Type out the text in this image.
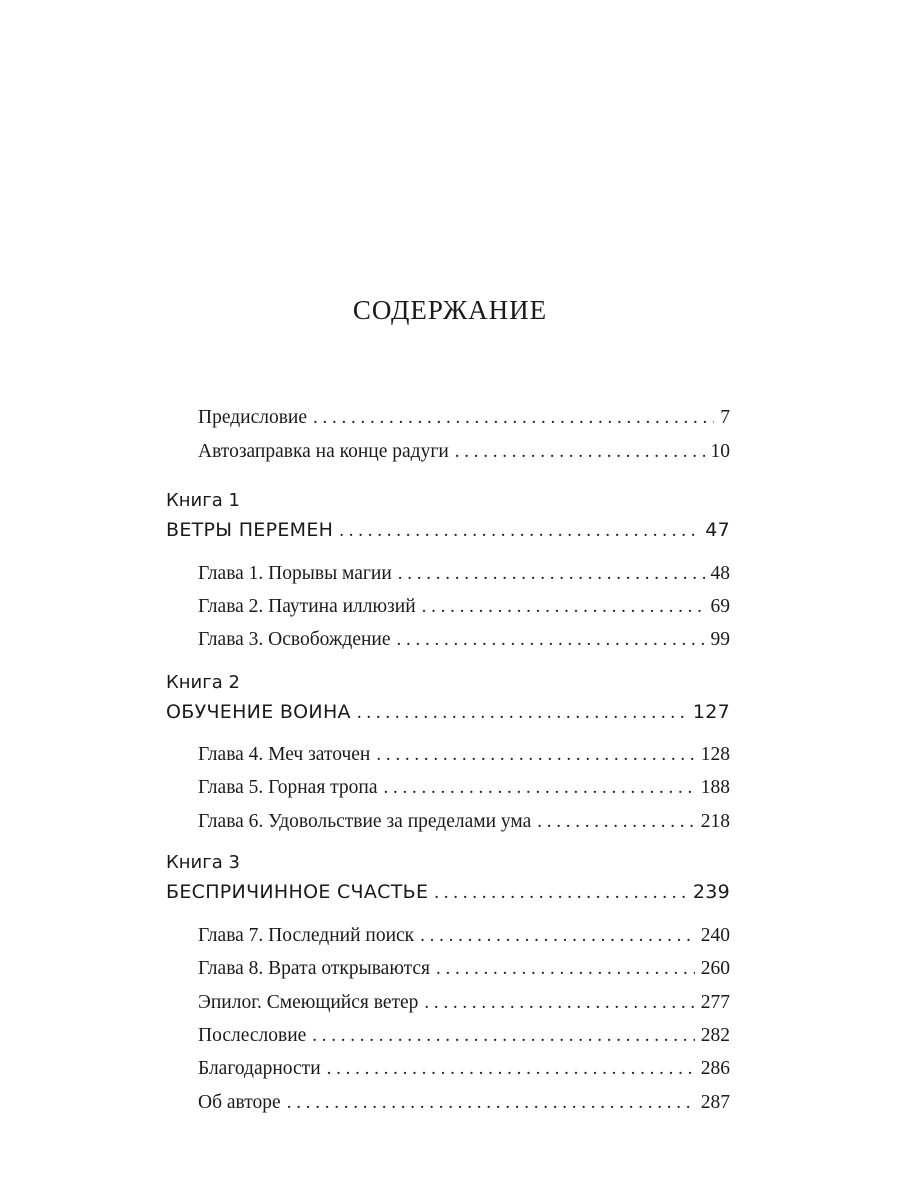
СОДЕРЖАНИЕ
Предисловие . . .	7
Автозаправка на конце радуги . . .	10
Книга 1
ВЕТРЫ ПЕРЕМЕН . . .	47
Глава 1. Порывы магии . . .	48
Глава 2. Паутина иллюзий . . .	69
Глава 3. Освобождение . . .	99
Книга 2
ОБУЧЕНИЕ ВОИНА . . .	127
Глава 4. Меч заточен . . .	128
Глава 5. Горная тропа . . .	188
Глава 6. Удовольствие за пределами ума . . .	218
Книга 3
БЕСПРИЧИННОЕ СЧАСТЬЕ . . .	239
Глава 7. Последний поиск . . .	240
Глава 8. Врата открываются . . .	260
Эпилог. Смеющийся ветер . . .	277
Послесловие . . .	282
Благодарности . . .	286
Об авторе . . .	287
